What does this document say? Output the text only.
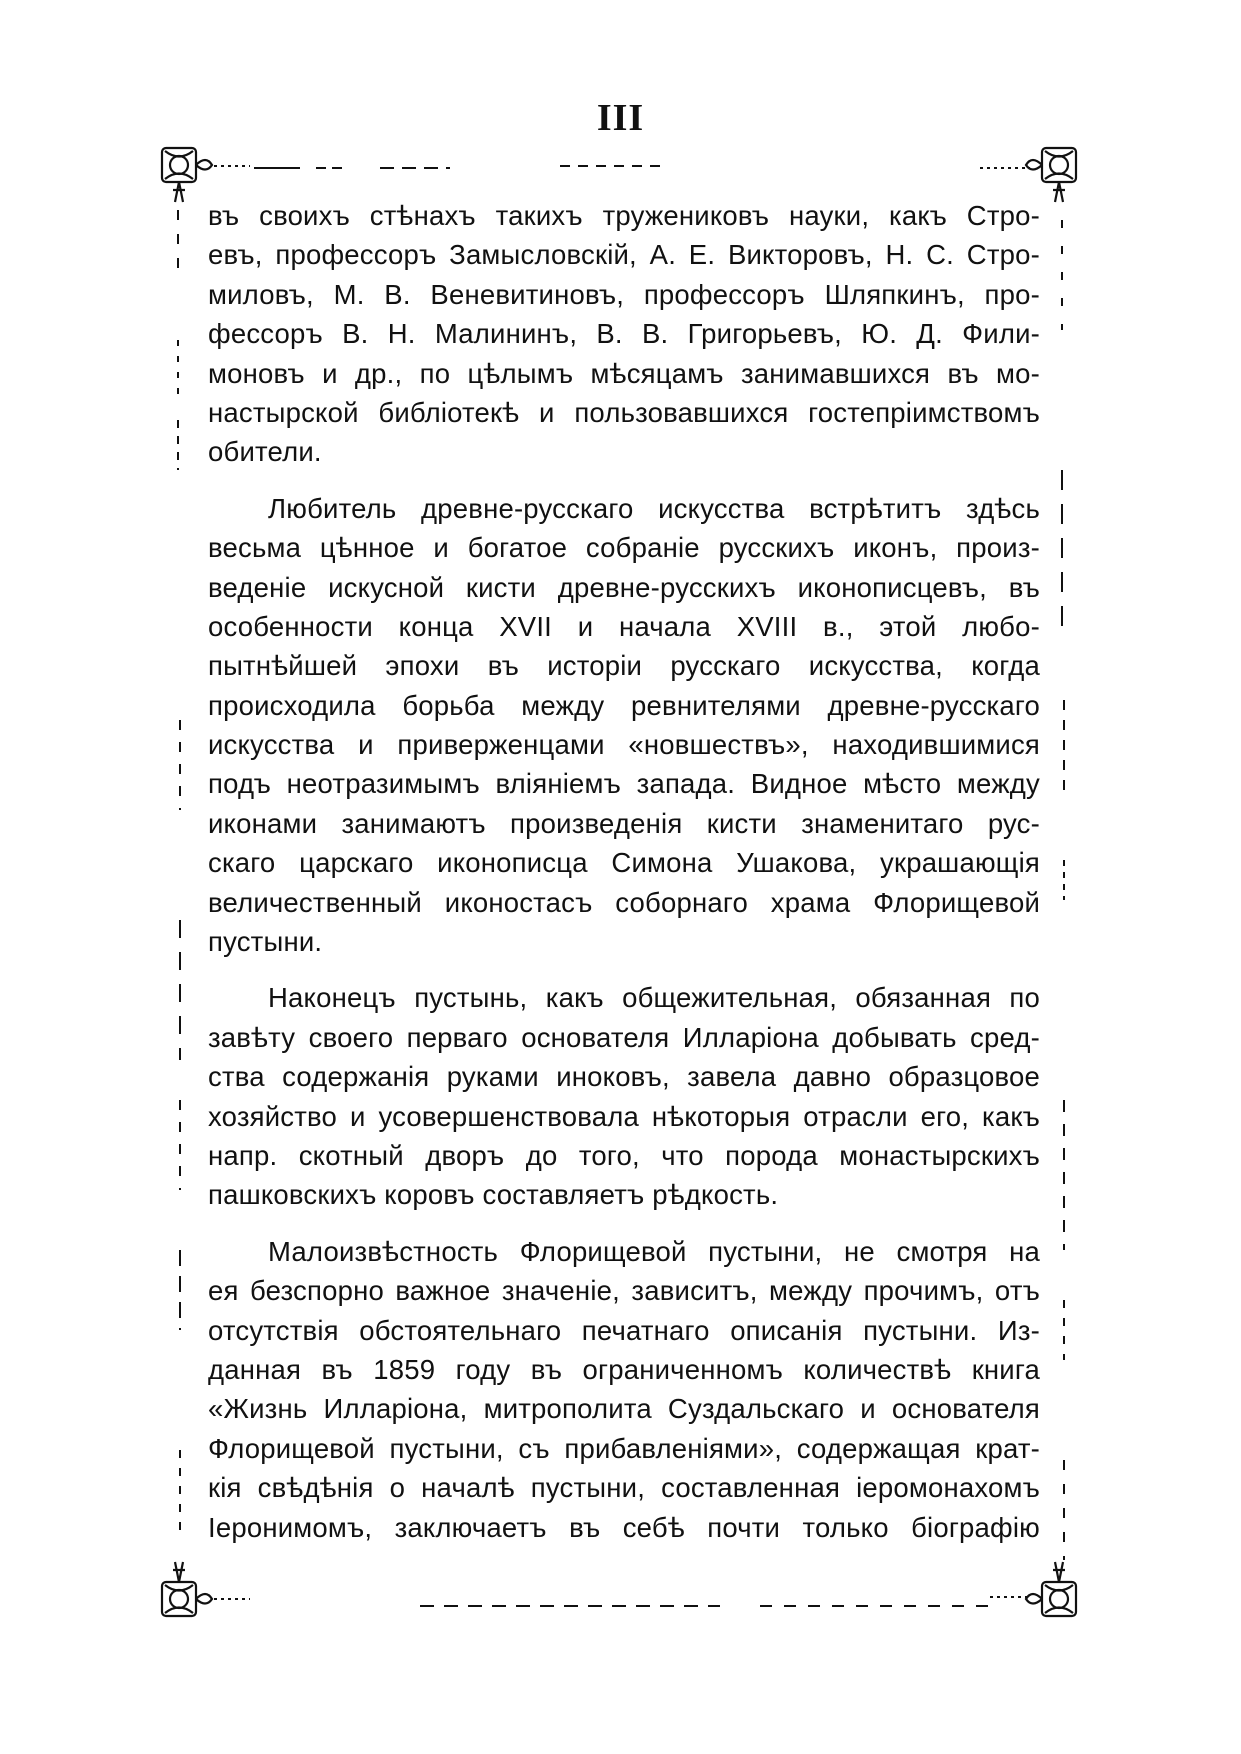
III
въ своихъ стѣнахъ такихъ тружениковъ науки, какъ Стро-
евъ, профессоръ Замысловскій, А. Е. Викторовъ, Н. С. Стро-
миловъ, М. В. Веневитиновъ, профессоръ Шляпкинъ, про-
фессоръ В. Н. Малининъ, В. В. Григорьевъ, Ю. Д. Фили-
моновъ и др., по цѣлымъ мѣсяцамъ занимавшихся въ мо-
настырской библіотекѣ и пользовавшихся гостепріимствомъ
обители.
Любитель древне-русскаго искусства встрѣтитъ здѣсь
весьма цѣнное и богатое собраніе русскихъ иконъ, произ-
веденіе искусной кисти древне-русскихъ иконописцевъ, въ
особенности конца XVII и начала XVIII в., этой любо-
пытнѣйшей эпохи въ исторіи русскаго искусства, когда
происходила борьба между ревнителями древне-русскаго
искусства и приверженцами «новшествъ», находившимися
подъ неотразимымъ вліяніемъ запада. Видное мѣсто между
иконами занимаютъ произведенія кисти знаменитаго рус-
скаго царскаго иконописца Симона Ушакова, украшающія
величественный иконостасъ соборнаго храма Флорищевой
пустыни.
Наконецъ пустынь, какъ общежительная, обязанная по
завѣту своего перваго основателя Илларіона добывать сред-
ства содержанія руками иноковъ, завела давно образцовое
хозяйство и усовершенствовала нѣкоторыя отрасли его, какъ
напр. скотный дворъ до того, что порода монастырскихъ
пашковскихъ коровъ составляетъ рѣдкость.
Малоизвѣстность Флорищевой пустыни, не смотря на
ея безспорно важное значеніе, зависитъ, между прочимъ, отъ
отсутствія обстоятельнаго печатнаго описанія пустыни. Из-
данная въ 1859 году въ ограниченномъ количествѣ книга
«Жизнь Илларіона, митрополита Суздальскаго и основателя
Флорищевой пустыни, съ прибавленіями», содержащая крат-
кія свѣдѣнія о началѣ пустыни, составленная іеромонахомъ
Іеронимомъ, заключаетъ въ себѣ почти только біографію
